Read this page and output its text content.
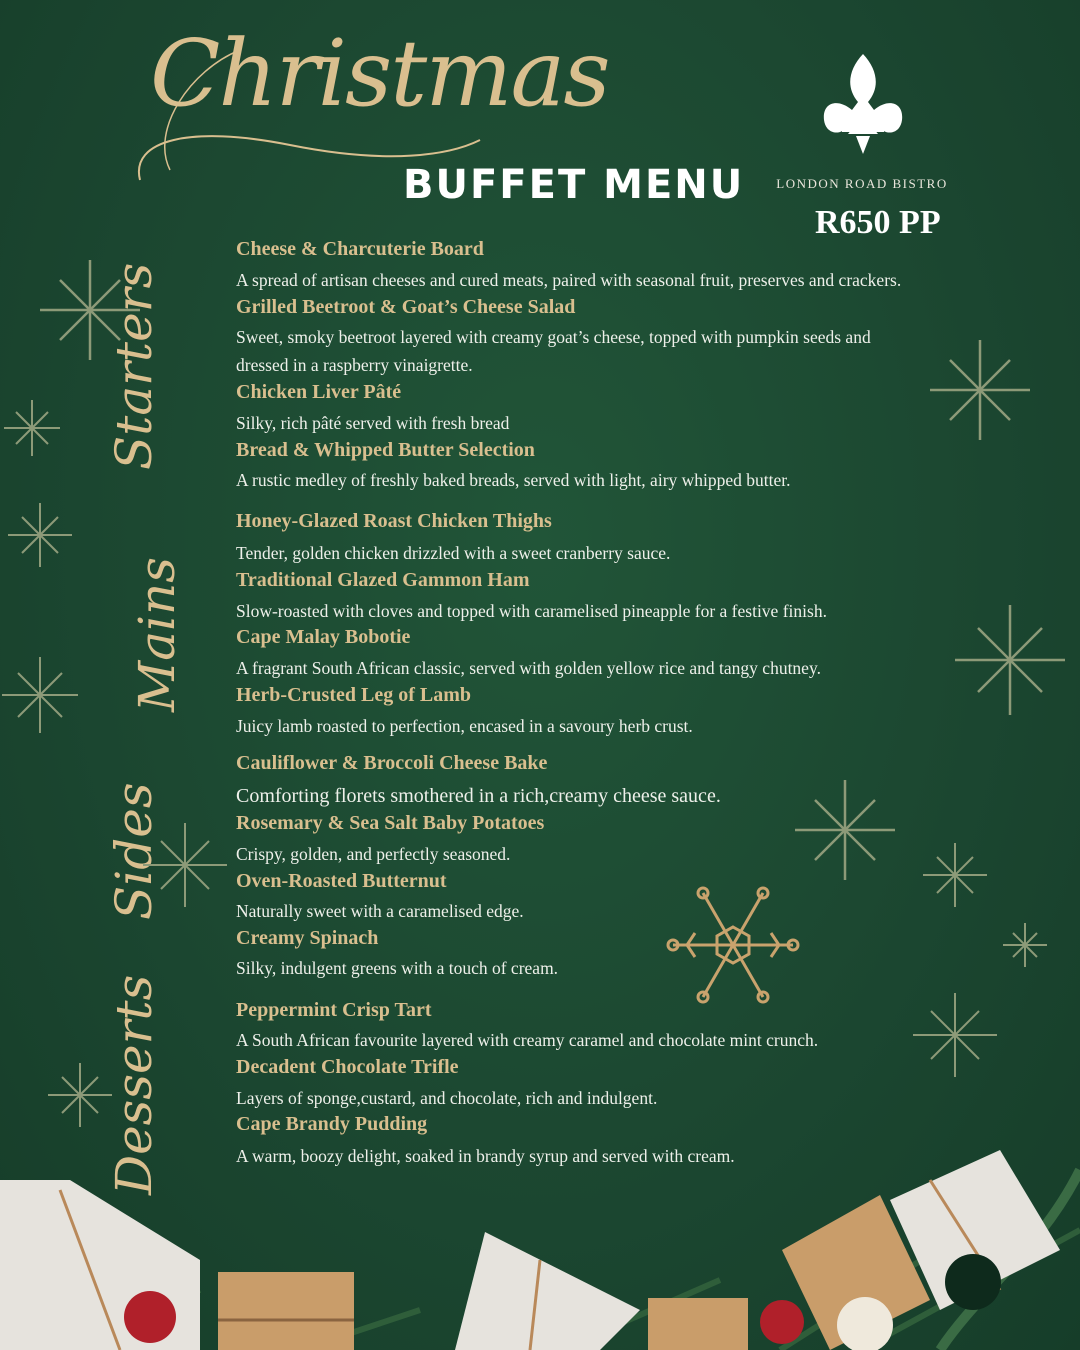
Christmas
BUFFET MENU	LONDON ROAD BISTRO
R650 PP
Starters
Mains
Sides
Desserts
Cheese & Charcuterie Board
A spread of artisan cheeses and cured meats, paired with seasonal fruit, preserves and crackers.
Grilled Beetroot & Goat’s Cheese Salad
Sweet, smoky beetroot layered with creamy goat’s cheese, topped with pumpkin seeds and dressed in a raspberry vinaigrette.
Chicken Liver Pâté
Silky, rich pâté served with fresh bread
Bread & Whipped Butter Selection
A rustic medley of freshly baked breads, served with light, airy whipped butter.
Honey-Glazed Roast Chicken Thighs
Tender, golden chicken drizzled with a sweet cranberry sauce.
Traditional Glazed Gammon Ham
Slow-roasted with cloves and topped with caramelised pineapple for a festive finish.
Cape Malay Bobotie
A fragrant South African classic, served with golden yellow rice and tangy chutney.
Herb-Crusted Leg of Lamb
Juicy lamb roasted to perfection, encased in a savoury herb crust.
Cauliflower & Broccoli Cheese Bake
Comforting florets smothered in a rich,creamy cheese sauce.
Rosemary & Sea Salt Baby Potatoes
Crispy, golden, and perfectly seasoned.
Oven-Roasted Butternut
Naturally sweet with a caramelised edge.
Creamy Spinach
Silky, indulgent greens with a touch of cream.
Peppermint Crisp Tart
A South African favourite layered with creamy caramel and chocolate mint crunch.
Decadent Chocolate Trifle
Layers of sponge,custard, and chocolate, rich and indulgent.
Cape Brandy Pudding
A warm, boozy delight, soaked in brandy syrup and served with cream.
